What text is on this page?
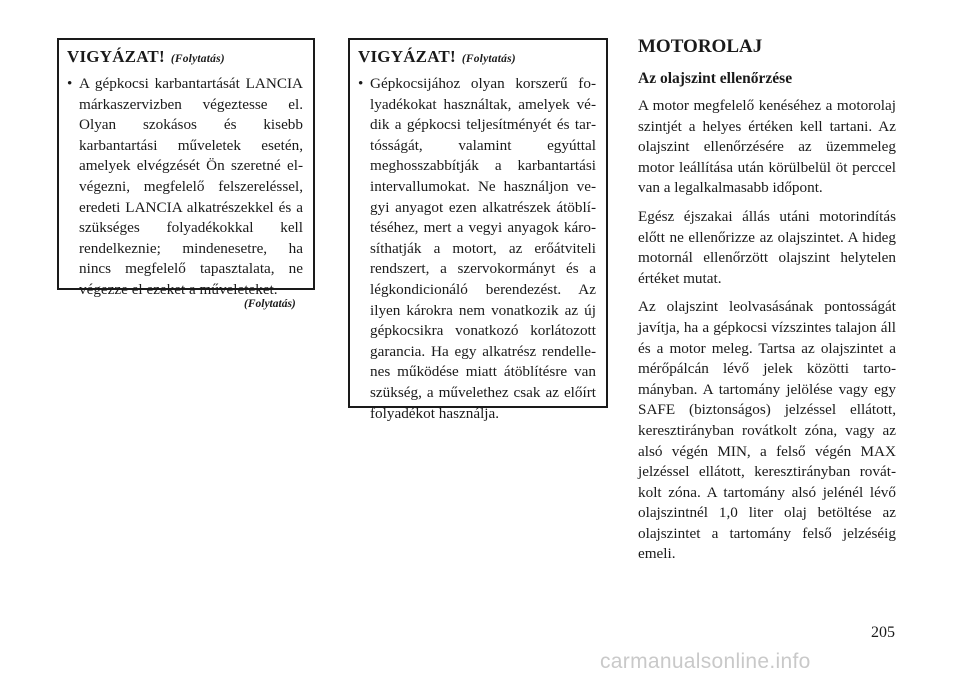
VIGYÁZAT! (Folytatás)
• A gépkocsi karbantartását LANCIA márkaszervizben végeztesse el. Olyan szokásos és kisebb karbantartási műveletek esetén, amelyek elvégzését Ön szeretné elvégezni, megfelelő felszereléssel, eredeti LANCIA alkatrészekkel és a szükséges folyadékokkal kell rendelkeznie; mindenesetre, ha nincs megfelelő tapasztalata, ne végezze el ezeket a műveleteket.
(Folytatás)
VIGYÁZAT! (Folytatás)
• Gépkocsijához olyan korszerű folyadékokat használtak, amelyek védik a gépkocsi teljesítményét és tartósságát, valamint egyúttal meghosszabbítják a karbantartási intervallumokat. Ne használjon vegyi anyagot ezen alkatrészek átöblítéséhez, mert a vegyi anyagok károsíthatják a motort, az erőátviteli rendszert, a szervokormányt és a légkondicionáló berendezést. Az ilyen károkra nem vonatkozik az új gépkocsikra vonatkozó korlátozott garancia. Ha egy alkatrész rendellenes működése miatt átöblítésre van szükség, a művelethez csak az előírt folyadékot használja.
MOTOROLAJ
Az olajszint ellenőrzése

A motor megfelelő kenéséhez a motorolaj szintjét a helyes értéken kell tartani. Az olajszint ellenőrzésére az üzemmeleg motor leállítása után körülbelül öt perccel van a legalkalmasabb időpont.

Egész éjszakai állás utáni motorindítás előtt ne ellenőrizze az olajszintet. A hideg motornál ellenőrzött olajszint helytelen értéket mutat.

Az olajszint leolvasásának pontosságát javítja, ha a gépkocsi vízszintes talajon áll és a motor meleg. Tartsa az olajszintet a mérőpálcán lévő jelek közötti tartományban. A tartomány jelölése vagy egy SAFE (biztonságos) jelzéssel ellátott, keresztirányban rovátkolt zóna, vagy az alsó végén MIN, a felső végén MAX jelzéssel ellátott, keresztirányban rovátkolt zóna. A tartomány alsó jelénél lévő olajszintnél 1,0 liter olaj betöltése az olajszintet a tartomány felső jelzéséig emeli.

205
carmanualsonline.info
